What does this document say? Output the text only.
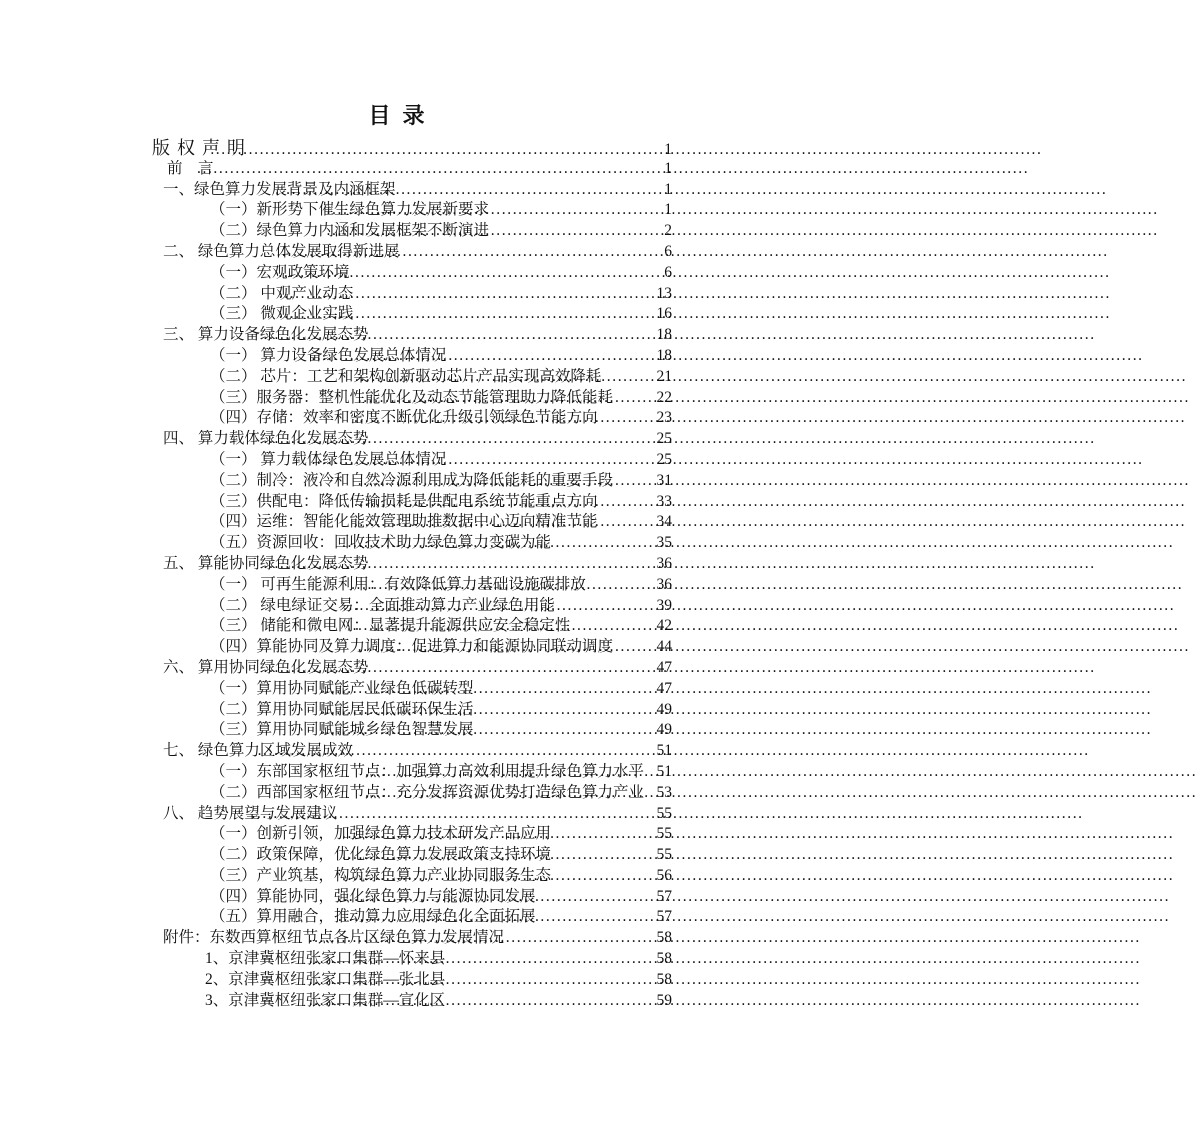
目录
版权声明 .....	1
前　言 .....	1
一、绿色算力发展背景及内涵框架 .....	1
（一）新形势下催生绿色算力发展新要求 .....	1
（二）绿色算力内涵和发展框架不断演进 .....	2
二、 绿色算力总体发展取得新进展 .....	6
（一）宏观政策环境 .....	6
（二） 中观产业动态 .....	13
（三） 微观企业实践 .....	16
三、 算力设备绿色化发展态势 .....	18
（一） 算力设备绿色发展总体情况 .....	18
（二） 芯片：工艺和架构创新驱动芯片产品实现高效降耗 .....	21
（三）服务器：整机性能优化及动态节能管理助力降低能耗 .....	22
（四）存储：效率和密度不断优化升级引领绿色节能方向 .....	23
四、 算力载体绿色化发展态势 .....	25
（一） 算力载体绿色发展总体情况 .....	25
（二）制冷：液冷和自然冷源利用成为降低能耗的重要手段 .....	31
（三）供配电：降低传输损耗是供配电系统节能重点方向 .....	33
（四）运维：智能化能效管理助推数据中心迈向精准节能 .....	34
（五）资源回收：回收技术助力绿色算力变碳为能 .....	35
五、 算能协同绿色化发展态势 .....	36
（一） 可再生能源利用：有效降低算力基础设施碳排放 .....	36
（二） 绿电绿证交易：全面推动算力产业绿色用能 .....	39
（三） 储能和微电网：显著提升能源供应安全稳定性 .....	42
（四）算能协同及算力调度：促进算力和能源协同联动调度 .....	44
六、 算用协同绿色化发展态势 .....	47
（一）算用协同赋能产业绿色低碳转型 .....	47
（二）算用协同赋能居民低碳环保生活 .....	49
（三）算用协同赋能城乡绿色智慧发展 .....	49
七、 绿色算力区域发展成效 .....	51
（一）东部国家枢纽节点：加强算力高效利用提升绿色算力水平 ..... 51
（二）西部国家枢纽节点：充分发挥资源优势打造绿色算力产业 ..... 53
八、 趋势展望与发展建议 .....	55
（一）创新引领，加强绿色算力技术研发产品应用 .....	55
（二）政策保障，优化绿色算力发展政策支持环境 .....	55
（三）产业筑基，构筑绿色算力产业协同服务生态 .....	56
（四）算能协同，强化绿色算力与能源协同发展 .....	57
（五）算用融合，推动算力应用绿色化全面拓展 .....	57
附件：东数西算枢纽节点各片区绿色算力发展情况 .....	58
1、京津冀枢纽张家口集群—怀来县 .....	58
2、京津冀枢纽张家口集群—张北县 .....	58
3、京津冀枢纽张家口集群—宣化区 .....	59
